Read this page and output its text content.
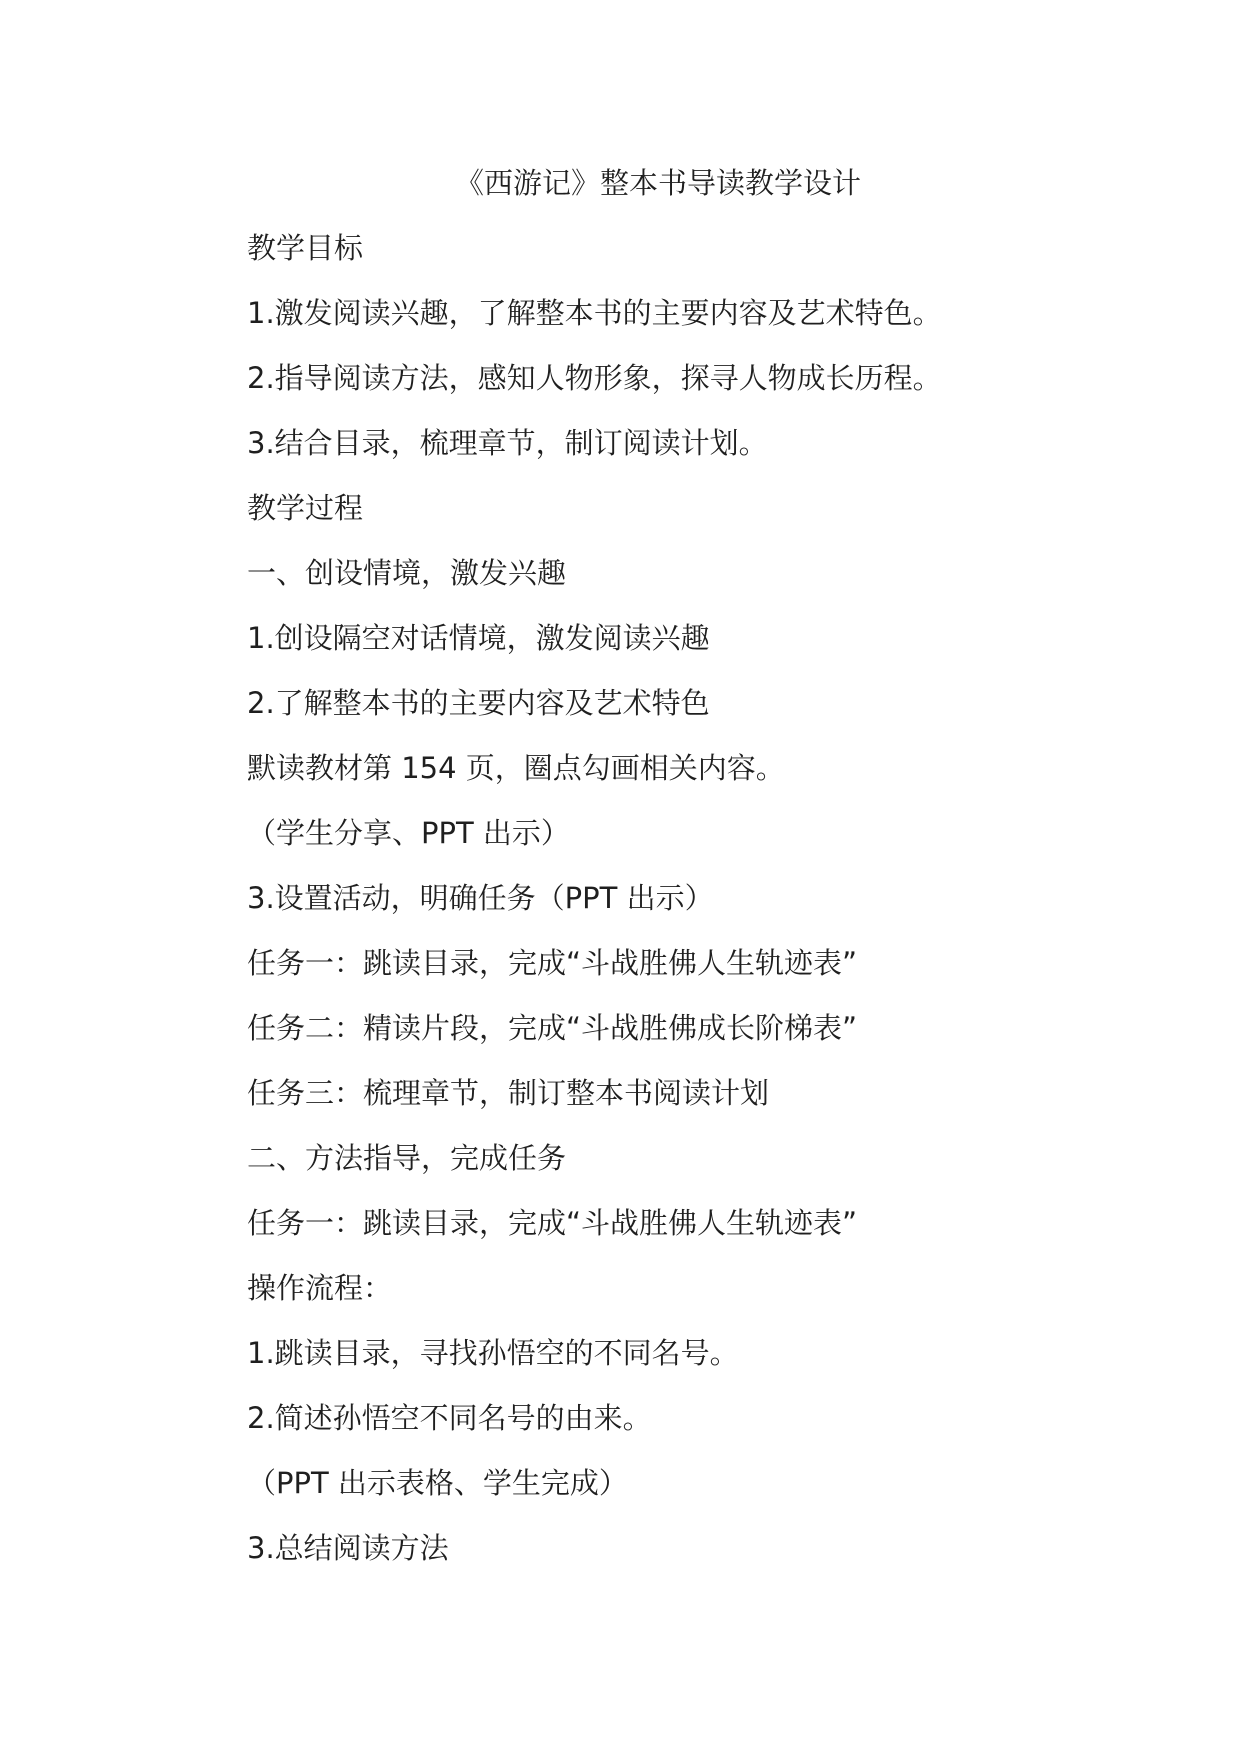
《西游记》整本书导读教学设计

教学目标

1.激发阅读兴趣，了解整本书的主要内容及艺术特色。

2.指导阅读方法，感知人物形象，探寻人物成长历程。

3.结合目录，梳理章节，制订阅读计划。

教学过程

一、创设情境，激发兴趣

1.创设隔空对话情境，激发阅读兴趣

2.了解整本书的主要内容及艺术特色

默读教材第 154 页，圈点勾画相关内容。

（学生分享、PPT 出示）

3.设置活动，明确任务（PPT 出示）

任务一：跳读目录，完成“斗战胜佛人生轨迹表”

任务二：精读片段，完成“斗战胜佛成长阶梯表”

任务三：梳理章节，制订整本书阅读计划

二、方法指导，完成任务

任务一：跳读目录，完成“斗战胜佛人生轨迹表”

操作流程：

1.跳读目录，寻找孙悟空的不同名号。

2.简述孙悟空不同名号的由来。

（PPT 出示表格、学生完成）

3.总结阅读方法
